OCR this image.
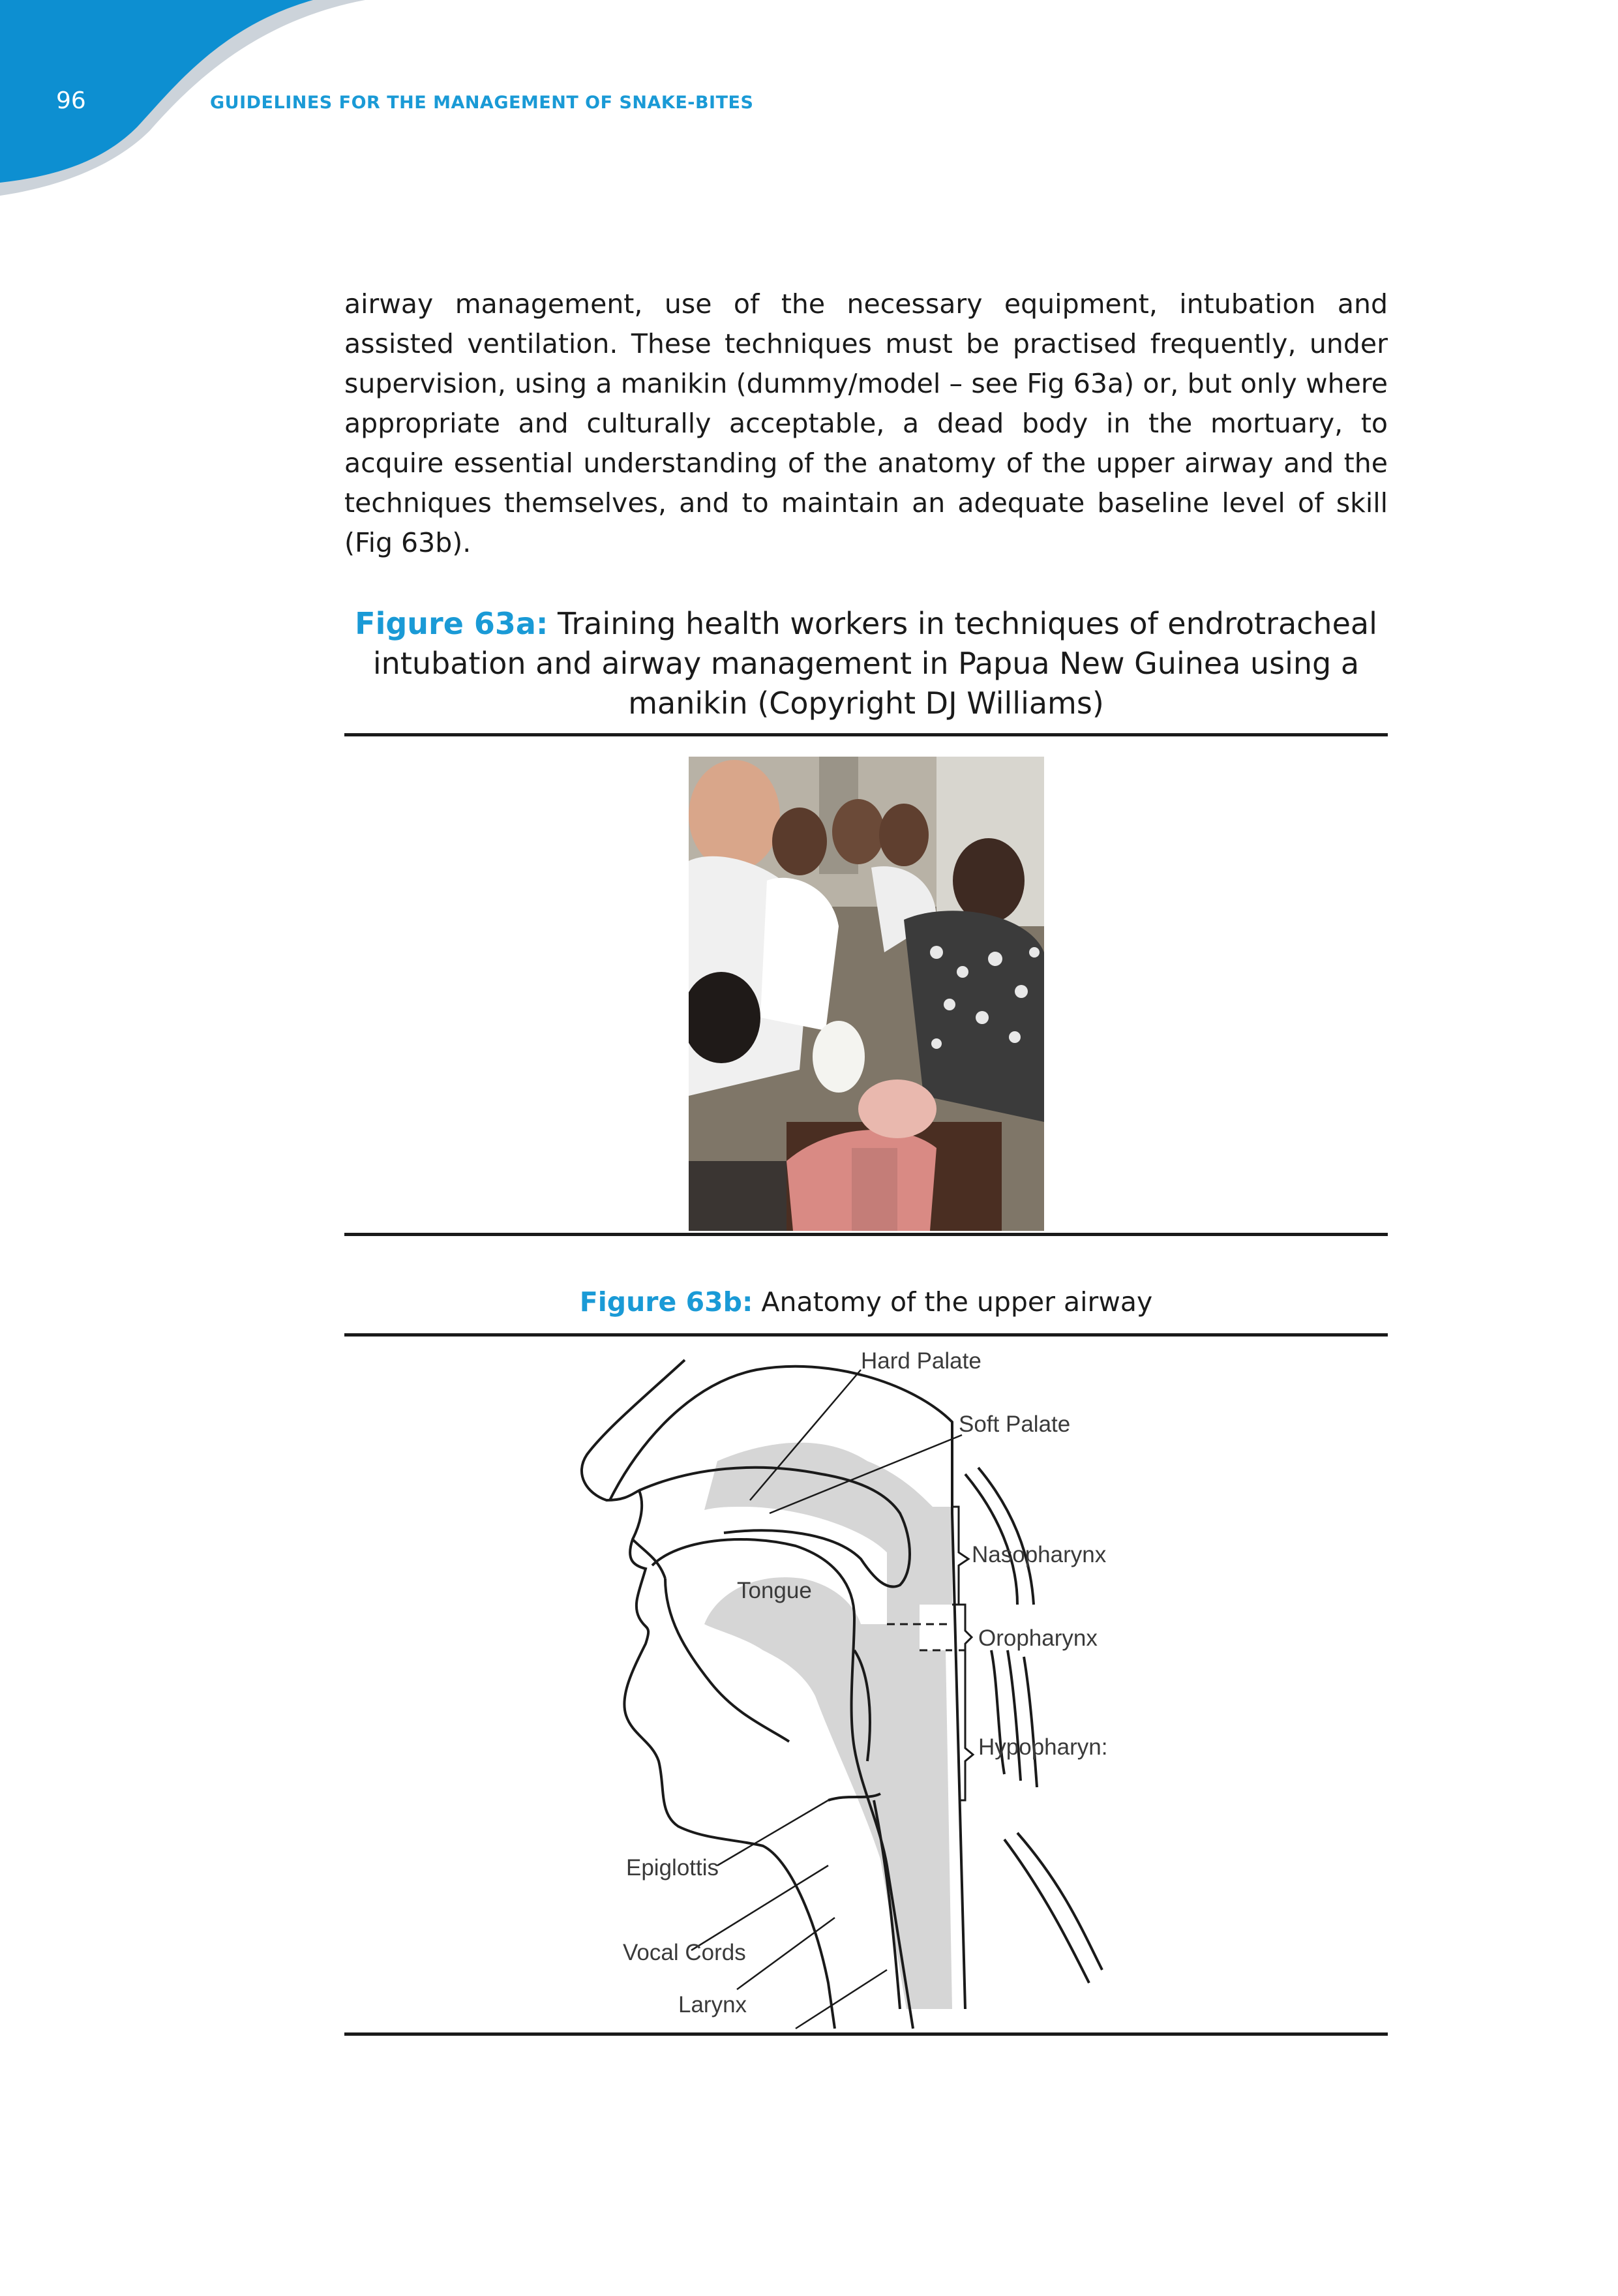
96	GUIDELINES FOR THE MANAGEMENT OF SNAKE-BITES
airway management, use of the necessary equipment, intubation and assisted ventilation. These techniques must be practised frequently, under supervision, using a manikin (dummy/model – see Fig 63a) or, but only where appropriate and culturally acceptable, a dead body in the mortuary, to acquire essential understanding of the anatomy of the upper airway and the techniques themselves, and to maintain an adequate baseline level of skill (Fig 63b).
Figure 63a: Training health workers in techniques of endrotracheal intubation and airway management in Papua New Guinea using a manikin (Copyright DJ Williams)
Figure 63b: Anatomy of the upper airway
Hard Palate
Soft Palate
Nasopharynx
Tongue
Oropharynx
Hypopharyn:
Epiglottis
Vocal Cords
Larynx
